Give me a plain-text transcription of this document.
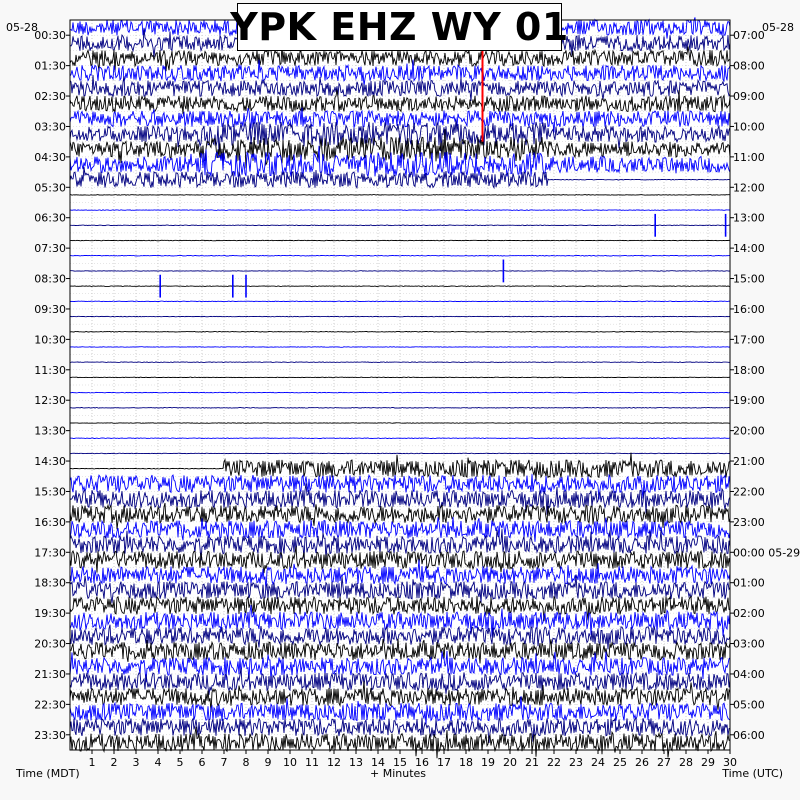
00:30
01:30
02:30
03:30
04:30
05:30
06:30
07:30
08:30
09:30
10:30
11:30
12:30
13:30
14:30
15:30
16:30
17:30
18:30
19:30
20:30
21:30
22:30
23:30
07:00
08:00
09:00
10:00
11:00
12:00
13:00
14:00
15:00
16:00
17:00
18:00
19:00
20:00
21:00
22:00
23:00
00:00 05-29
01:00
02:00
03:00
04:00
05:00
06:00
1 2 3 4 5 6 7 8 9 10 11 12 13 14 15 16 17 18 19 20 21 22 23 24 25 26 27 28 29 30
05-28	05-28
Time (MDT)	+ Minutes	Time (UTC)
YPK EHZ WY 01
